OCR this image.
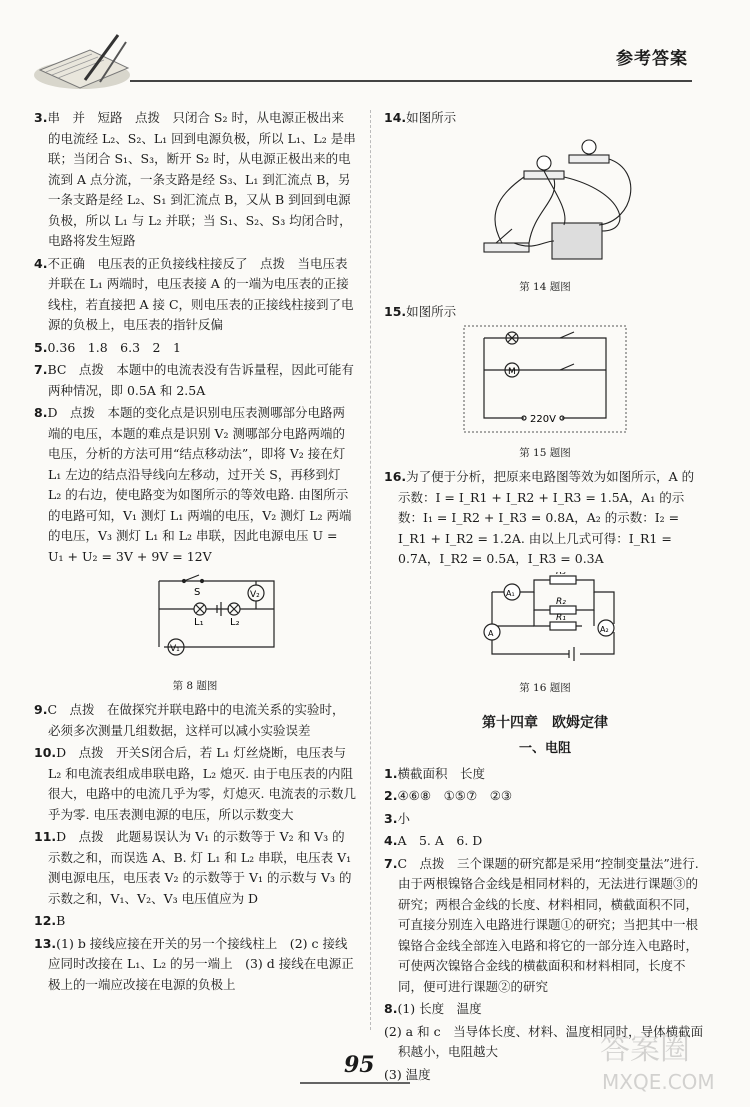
参考答案
3.串　并　短路　点拨　只闭合 S₂ 时，从电源正极出来的电流经 L₂、S₂、L₁ 回到电源负极，所以 L₁、L₂ 是串联；当闭合 S₁、S₃，断开 S₂ 时，从电源正极出来的电流到 A 点分流，一条支路是经 S₃、L₁ 到汇流点 B，另一条支路是经 L₂、S₁ 到汇流点 B，又从 B 到回到电源负极，所以 L₁ 与 L₂ 并联；当 S₁、S₂、S₃ 均闭合时，电路将发生短路
4.不正确　电压表的正负接线柱接反了　点拨　当电压表并联在 L₁ 两端时，电压表接 A 的一端为电压表的正接线柱，若直接把 A 接 C，则电压表的正接线柱接到了电源的负极上，电压表的指针反偏
5.0.36　1.8　6.3　2　1
7.BC　点拨　本题中的电流表没有告诉量程，因此可能有两种情况，即 0.5A 和 2.5A
8.D　点拨　本题的变化点是识别电压表测哪部分电路两端的电压，本题的难点是识别 V₂ 测哪部分电路两端的电压，分析的方法可用“结点移动法”，即将 V₂ 接在灯 L₁ 左边的结点沿导线向左移动，过开关 S，再移到灯 L₂ 的右边，使电路变为如图所示的等效电路. 由图所示的电路可知，V₁ 测灯 L₁ 两端的电压，V₂ 测灯 L₂ 两端的电压，V₃ 测灯 L₁ 和 L₂ 串联，因此电源电压 U = U₁ + U₂ = 3V + 9V = 12V
S
L₁	L₂
V₁
V₂
第 8 题图
9.C　点拨　在做探究并联电路中的电流关系的实验时，必须多次测量几组数据，这样可以减小实验误差
10.D　点拨　开关S闭合后，若 L₁ 灯丝烧断，电压表与 L₂ 和电流表组成串联电路，L₂ 熄灭. 由于电压表的内阻很大，电路中的电流几乎为零，灯熄灭. 电流表的示数几乎为零. 电压表测电源的电压，所以示数变大
11.D　点拨　此题易误认为 V₁ 的示数等于 V₂ 和 V₃ 的示数之和，而误选 A、B. 灯 L₁ 和 L₂ 串联，电压表 V₁ 测电源电压，电压表 V₂ 的示数等于 V₁ 的示数与 V₃ 的示数之和，V₁、V₂、V₃ 电压值应为 D
12.B
13.(1) b 接线应接在开关的另一个接线柱上　(2) c 接线应同时改接在 L₁、L₂ 的另一端上　(3) d 接线在电源正极上的一端应改接在电源的负极上
14.如图所示
第 14 题图
15.如图所示
M
220V
第 15 题图
16.为了便于分析，把原来电路图等效为如图所示，A 的示数：I = I_R1 + I_R2 + I_R3 = 1.5A，A₁ 的示数：I₁ = I_R2 + I_R3 = 0.8A，A₂ 的示数：I₂ = I_R1 + I_R2 = 1.2A. 由以上几式可得：I_R1 = 0.7A，I_R2 = 0.5A，I_R3 = 0.3A
R₃
R₂
R₁
A₁
A	A₂
第 16 题图
第十四章　欧姆定律
一、电阻
1.横截面积　长度
2.④⑥⑧　①⑤⑦　②③
3.小
4.A　5. A　6. D
7.C　点拨　三个课题的研究都是采用“控制变量法”进行. 由于两根镍铬合金线是相同材料的，无法进行课题③的研究；两根合金线的长度、材料相同，横截面积不同，可直接分别连入电路进行课题①的研究；当把其中一根镍铬合金线全部连入电路和将它的一部分连入电路时，可使两次镍铬合金线的横截面积和材料相同，长度不同，便可进行课题②的研究
8.(1) 长度　温度
(2) a 和 c　当导体长度、材料、温度相同时，导体横截面积越小，电阻越大
(3) 温度
95	答案圈
MXQE.COM
